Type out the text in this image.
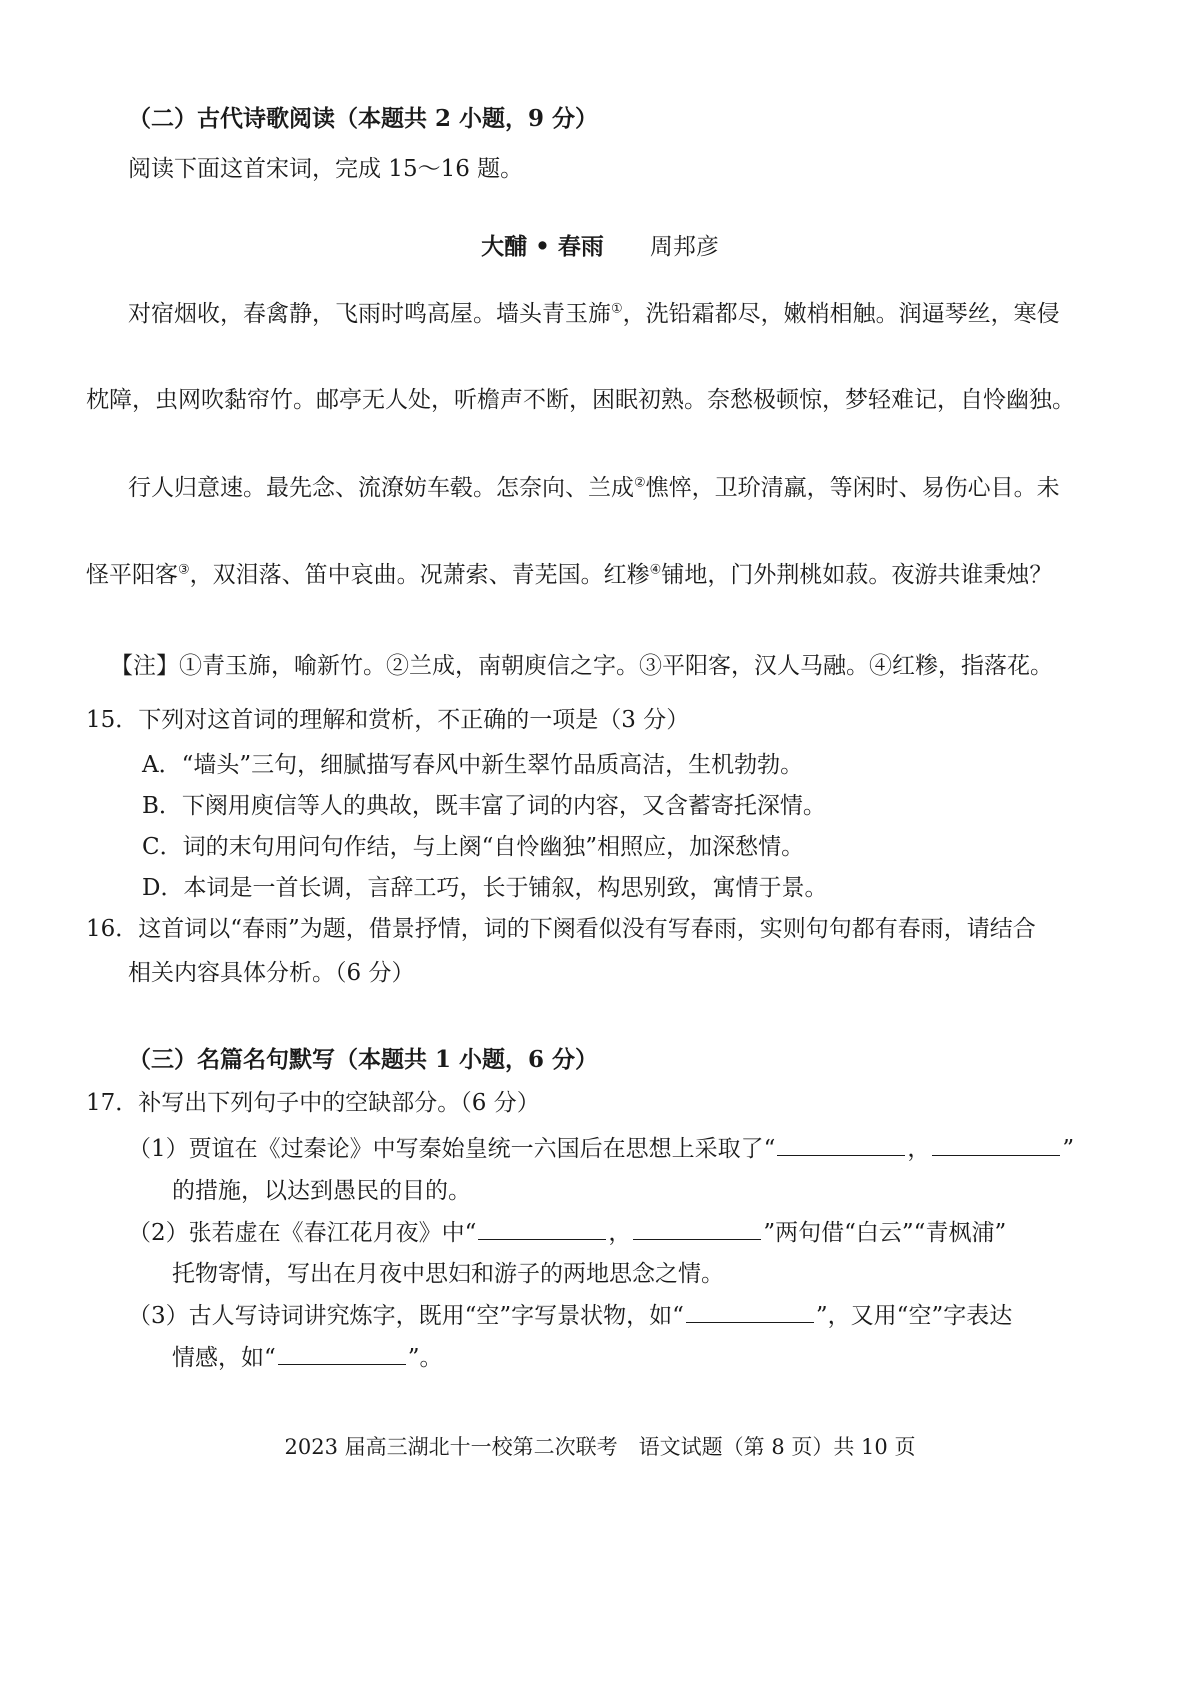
（二）古代诗歌阅读（本题共 2 小题，9 分）
阅读下面这首宋词，完成 15～16 题。
大酺 • 春雨 周邦彦
对宿烟收，春禽静，飞雨时鸣高屋。墙头青玉旆①，洗铅霜都尽，嫩梢相触。润逼琴丝，寒侵
枕障，虫网吹黏帘竹。邮亭无人处，听檐声不断，困眠初熟。奈愁极顿惊，梦轻难记，自怜幽独。
行人归意速。最先念、流潦妨车毂。怎奈向、兰成②憔悴，卫玠清羸，等闲时、易伤心目。未
怪平阳客③，双泪落、笛中哀曲。况萧索、青芜国。红糁④铺地，门外荆桃如菽。夜游共谁秉烛？
【注】①青玉旆，喻新竹。②兰成，南朝庾信之字。③平阳客，汉人马融。④红糁，指落花。
15．下列对这首词的理解和赏析，不正确的一项是（3 分）
A．“墙头”三句，细腻描写春风中新生翠竹品质高洁，生机勃勃。
B．下阕用庾信等人的典故，既丰富了词的内容，又含蓄寄托深情。
C．词的末句用问句作结，与上阕“自怜幽独”相照应，加深愁情。
D．本词是一首长调，言辞工巧，长于铺叙，构思别致，寓情于景。
16．这首词以“春雨”为题，借景抒情，词的下阕看似没有写春雨，实则句句都有春雨，请结合
相关内容具体分析。（6 分）
（三）名篇名句默写（本题共 1 小题，6 分）
17．补写出下列句子中的空缺部分。（6 分）
（1）贾谊在《过秦论》中写秦始皇统一六国后在思想上采取了“	，	”
的措施，以达到愚民的目的。
（2）张若虚在《春江花月夜》中“	，	”两句借“白云”“青枫浦”
托物寄情，写出在月夜中思妇和游子的两地思念之情。
（3）古人写诗词讲究炼字，既用“空”字写景状物，如“	”，又用“空”字表达
情感，如“	”。
2023 届高三湖北十一校第二次联考　语文试题（第 8 页）共 10 页
